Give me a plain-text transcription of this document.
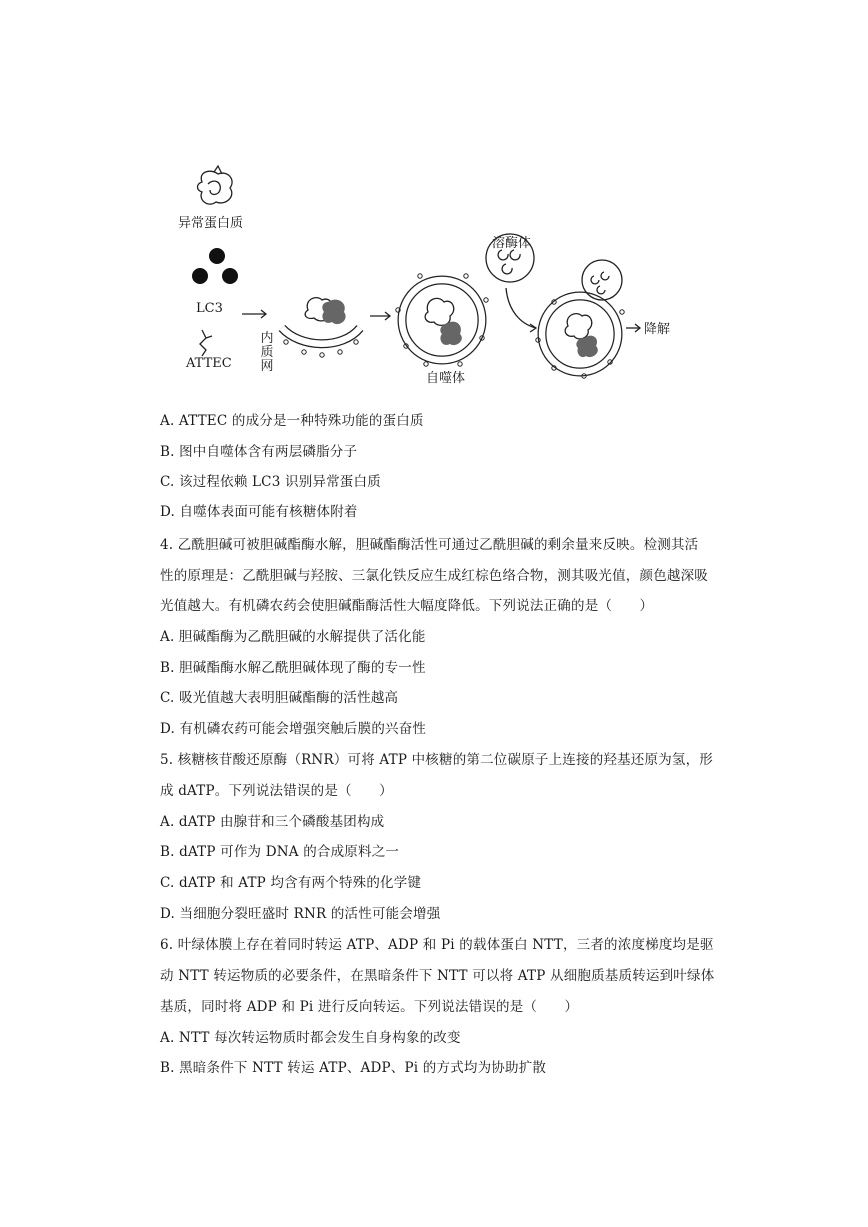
异常蛋白质
LC3
ATTEC
内质网
溶酶体
自噬体
降解
A. ATTEC 的成分是一种特殊功能的蛋白质
B. 图中自噬体含有两层磷脂分子
C. 该过程依赖 LC3 识别异常蛋白质
D. 自噬体表面可能有核糖体附着
4. 乙酰胆碱可被胆碱酯酶水解，胆碱酯酶活性可通过乙酰胆碱的剩余量来反映。检测其活
性的原理是：乙酰胆碱与羟胺、三氯化铁反应生成红棕色络合物，测其吸光值，颜色越深吸
光值越大。有机磷农药会使胆碱酯酶活性大幅度降低。下列说法正确的是（　　）
A. 胆碱酯酶为乙酰胆碱的水解提供了活化能
B. 胆碱酯酶水解乙酰胆碱体现了酶的专一性
C. 吸光值越大表明胆碱酯酶的活性越高
D. 有机磷农药可能会增强突触后膜的兴奋性
5. 核糖核苷酸还原酶（RNR）可将 ATP 中核糖的第二位碳原子上连接的羟基还原为氢，形
成 dATP。下列说法错误的是（　　）
A. dATP 由腺苷和三个磷酸基团构成
B. dATP 可作为 DNA 的合成原料之一
C. dATP 和 ATP 均含有两个特殊的化学键
D. 当细胞分裂旺盛时 RNR 的活性可能会增强
6. 叶绿体膜上存在着同时转运 ATP、ADP 和 Pi 的载体蛋白 NTT，三者的浓度梯度均是驱
动 NTT 转运物质的必要条件，在黑暗条件下 NTT 可以将 ATP 从细胞质基质转运到叶绿体
基质，同时将 ADP 和 Pi 进行反向转运。下列说法错误的是（　　）
A. NTT 每次转运物质时都会发生自身构象的改变
B. 黑暗条件下 NTT 转运 ATP、ADP、Pi 的方式均为协助扩散
